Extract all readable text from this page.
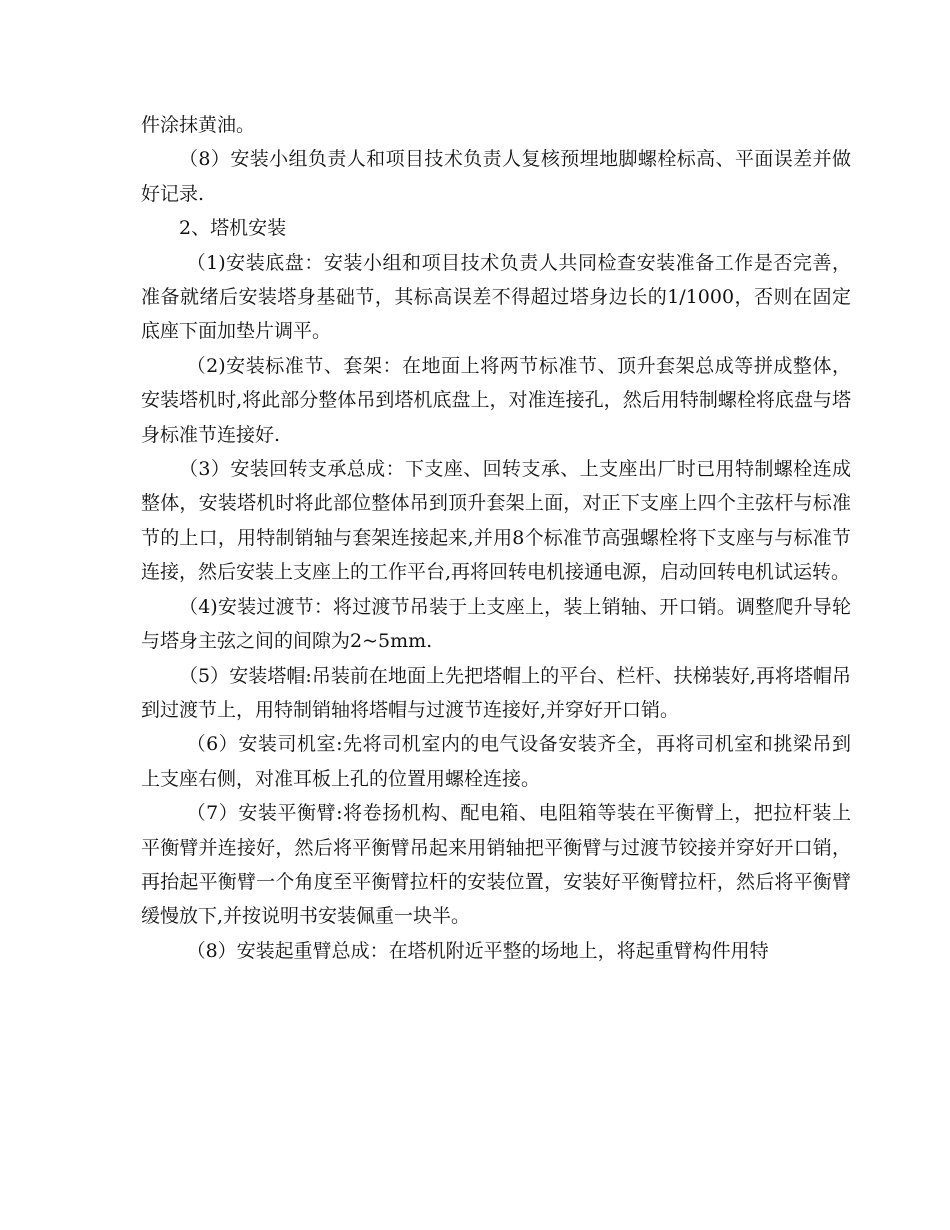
件涂抹黄油。

（8）安装小组负责人和项目技术负责人复核预埋地脚螺栓标高、平面误差并做好记录.

2、塔机安装

（1)安装底盘：安装小组和项目技术负责人共同检查安装准备工作是否完善，准备就绪后安装塔身基础节，其标高误差不得超过塔身边长的1/1000，否则在固定底座下面加垫片调平。

（2)安装标准节、套架：在地面上将两节标准节、顶升套架总成等拼成整体，安装塔机时,将此部分整体吊到塔机底盘上，对准连接孔，然后用特制螺栓将底盘与塔身标准节连接好.

（3）安装回转支承总成：下支座、回转支承、上支座出厂时已用特制螺栓连成整体，安装塔机时将此部位整体吊到顶升套架上面，对正下支座上四个主弦杆与标准节的上口，用特制销轴与套架连接起来,并用8个标准节高强螺栓将下支座与与标准节连接，然后安装上支座上的工作平台,再将回转电机接通电源，启动回转电机试运转。

（4)安装过渡节：将过渡节吊装于上支座上，装上销轴、开口销。调整爬升导轮与塔身主弦之间的间隙为2~5mm.

（5）安装塔帽:吊装前在地面上先把塔帽上的平台、栏杆、扶梯装好,再将塔帽吊到过渡节上，用特制销轴将塔帽与过渡节连接好,并穿好开口销。

（6）安装司机室:先将司机室内的电气设备安装齐全，再将司机室和挑梁吊到上支座右侧，对准耳板上孔的位置用螺栓连接。

（7）安装平衡臂:将卷扬机构、配电箱、电阻箱等装在平衡臂上，把拉杆装上平衡臂并连接好，然后将平衡臂吊起来用销轴把平衡臂与过渡节铰接并穿好开口销，再抬起平衡臂一个角度至平衡臂拉杆的安装位置，安装好平衡臂拉杆，然后将平衡臂缓慢放下,并按说明书安装佩重一块半。

（8）安装起重臂总成：在塔机附近平整的场地上，将起重臂构件用特
